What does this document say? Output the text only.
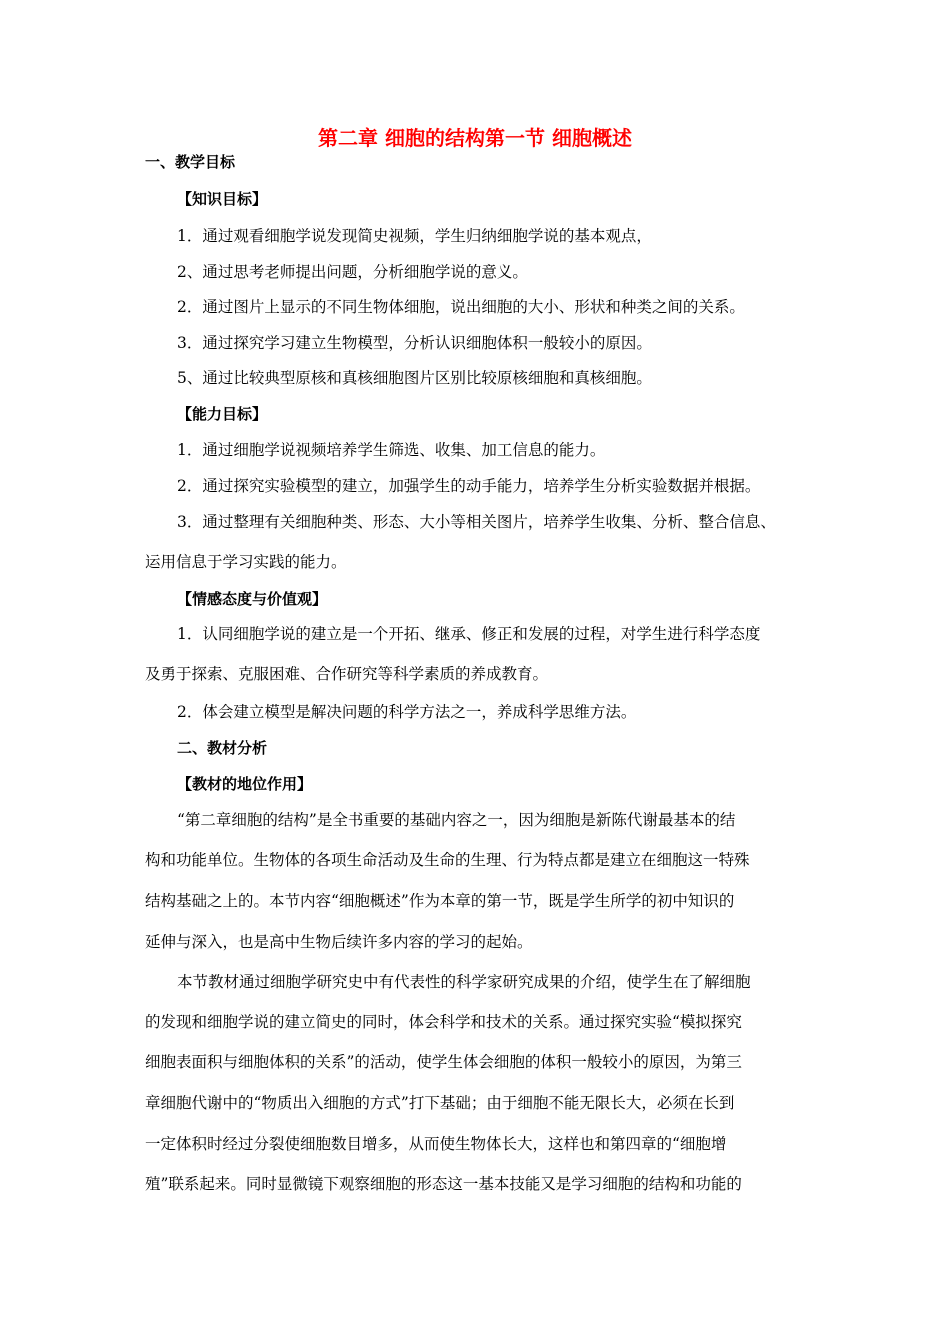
第二章 细胞的结构第一节 细胞概述
一、教学目标
【知识目标】
1．通过观看细胞学说发现简史视频，学生归纳细胞学说的基本观点，
2、通过思考老师提出问题，分析细胞学说的意义。
2．通过图片上显示的不同生物体细胞，说出细胞的大小、形状和种类之间的关系。
3．通过探究学习建立生物模型，分析认识细胞体积一般较小的原因。
5、通过比较典型原核和真核细胞图片区别比较原核细胞和真核细胞。
【能力目标】
1．通过细胞学说视频培养学生筛选、收集、加工信息的能力。
2．通过探究实验模型的建立，加强学生的动手能力，培养学生分析实验数据并根据。
3．通过整理有关细胞种类、形态、大小等相关图片，培养学生收集、分析、整合信息、
运用信息于学习实践的能力。
【情感态度与价值观】
1．认同细胞学说的建立是一个开拓、继承、修正和发展的过程，对学生进行科学态度
及勇于探索、克服困难、合作研究等科学素质的养成教育。
2．体会建立模型是解决问题的科学方法之一，养成科学思维方法。
二、教材分析
【教材的地位作用】
“第二章细胞的结构”是全书重要的基础内容之一，因为细胞是新陈代谢最基本的结
构和功能单位。生物体的各项生命活动及生命的生理、行为特点都是建立在细胞这一特殊
结构基础之上的。本节内容“细胞概述”作为本章的第一节，既是学生所学的初中知识的
延伸与深入，也是高中生物后续许多内容的学习的起始。
本节教材通过细胞学研究史中有代表性的科学家研究成果的介绍，使学生在了解细胞
的发现和细胞学说的建立简史的同时，体会科学和技术的关系。通过探究实验“模拟探究
细胞表面积与细胞体积的关系”的活动，使学生体会细胞的体积一般较小的原因，为第三
章细胞代谢中的“物质出入细胞的方式”打下基础；由于细胞不能无限长大，必须在长到
一定体积时经过分裂使细胞数目增多，从而使生物体长大，这样也和第四章的“细胞增
殖”联系起来。同时显微镜下观察细胞的形态这一基本技能又是学习细胞的结构和功能的
